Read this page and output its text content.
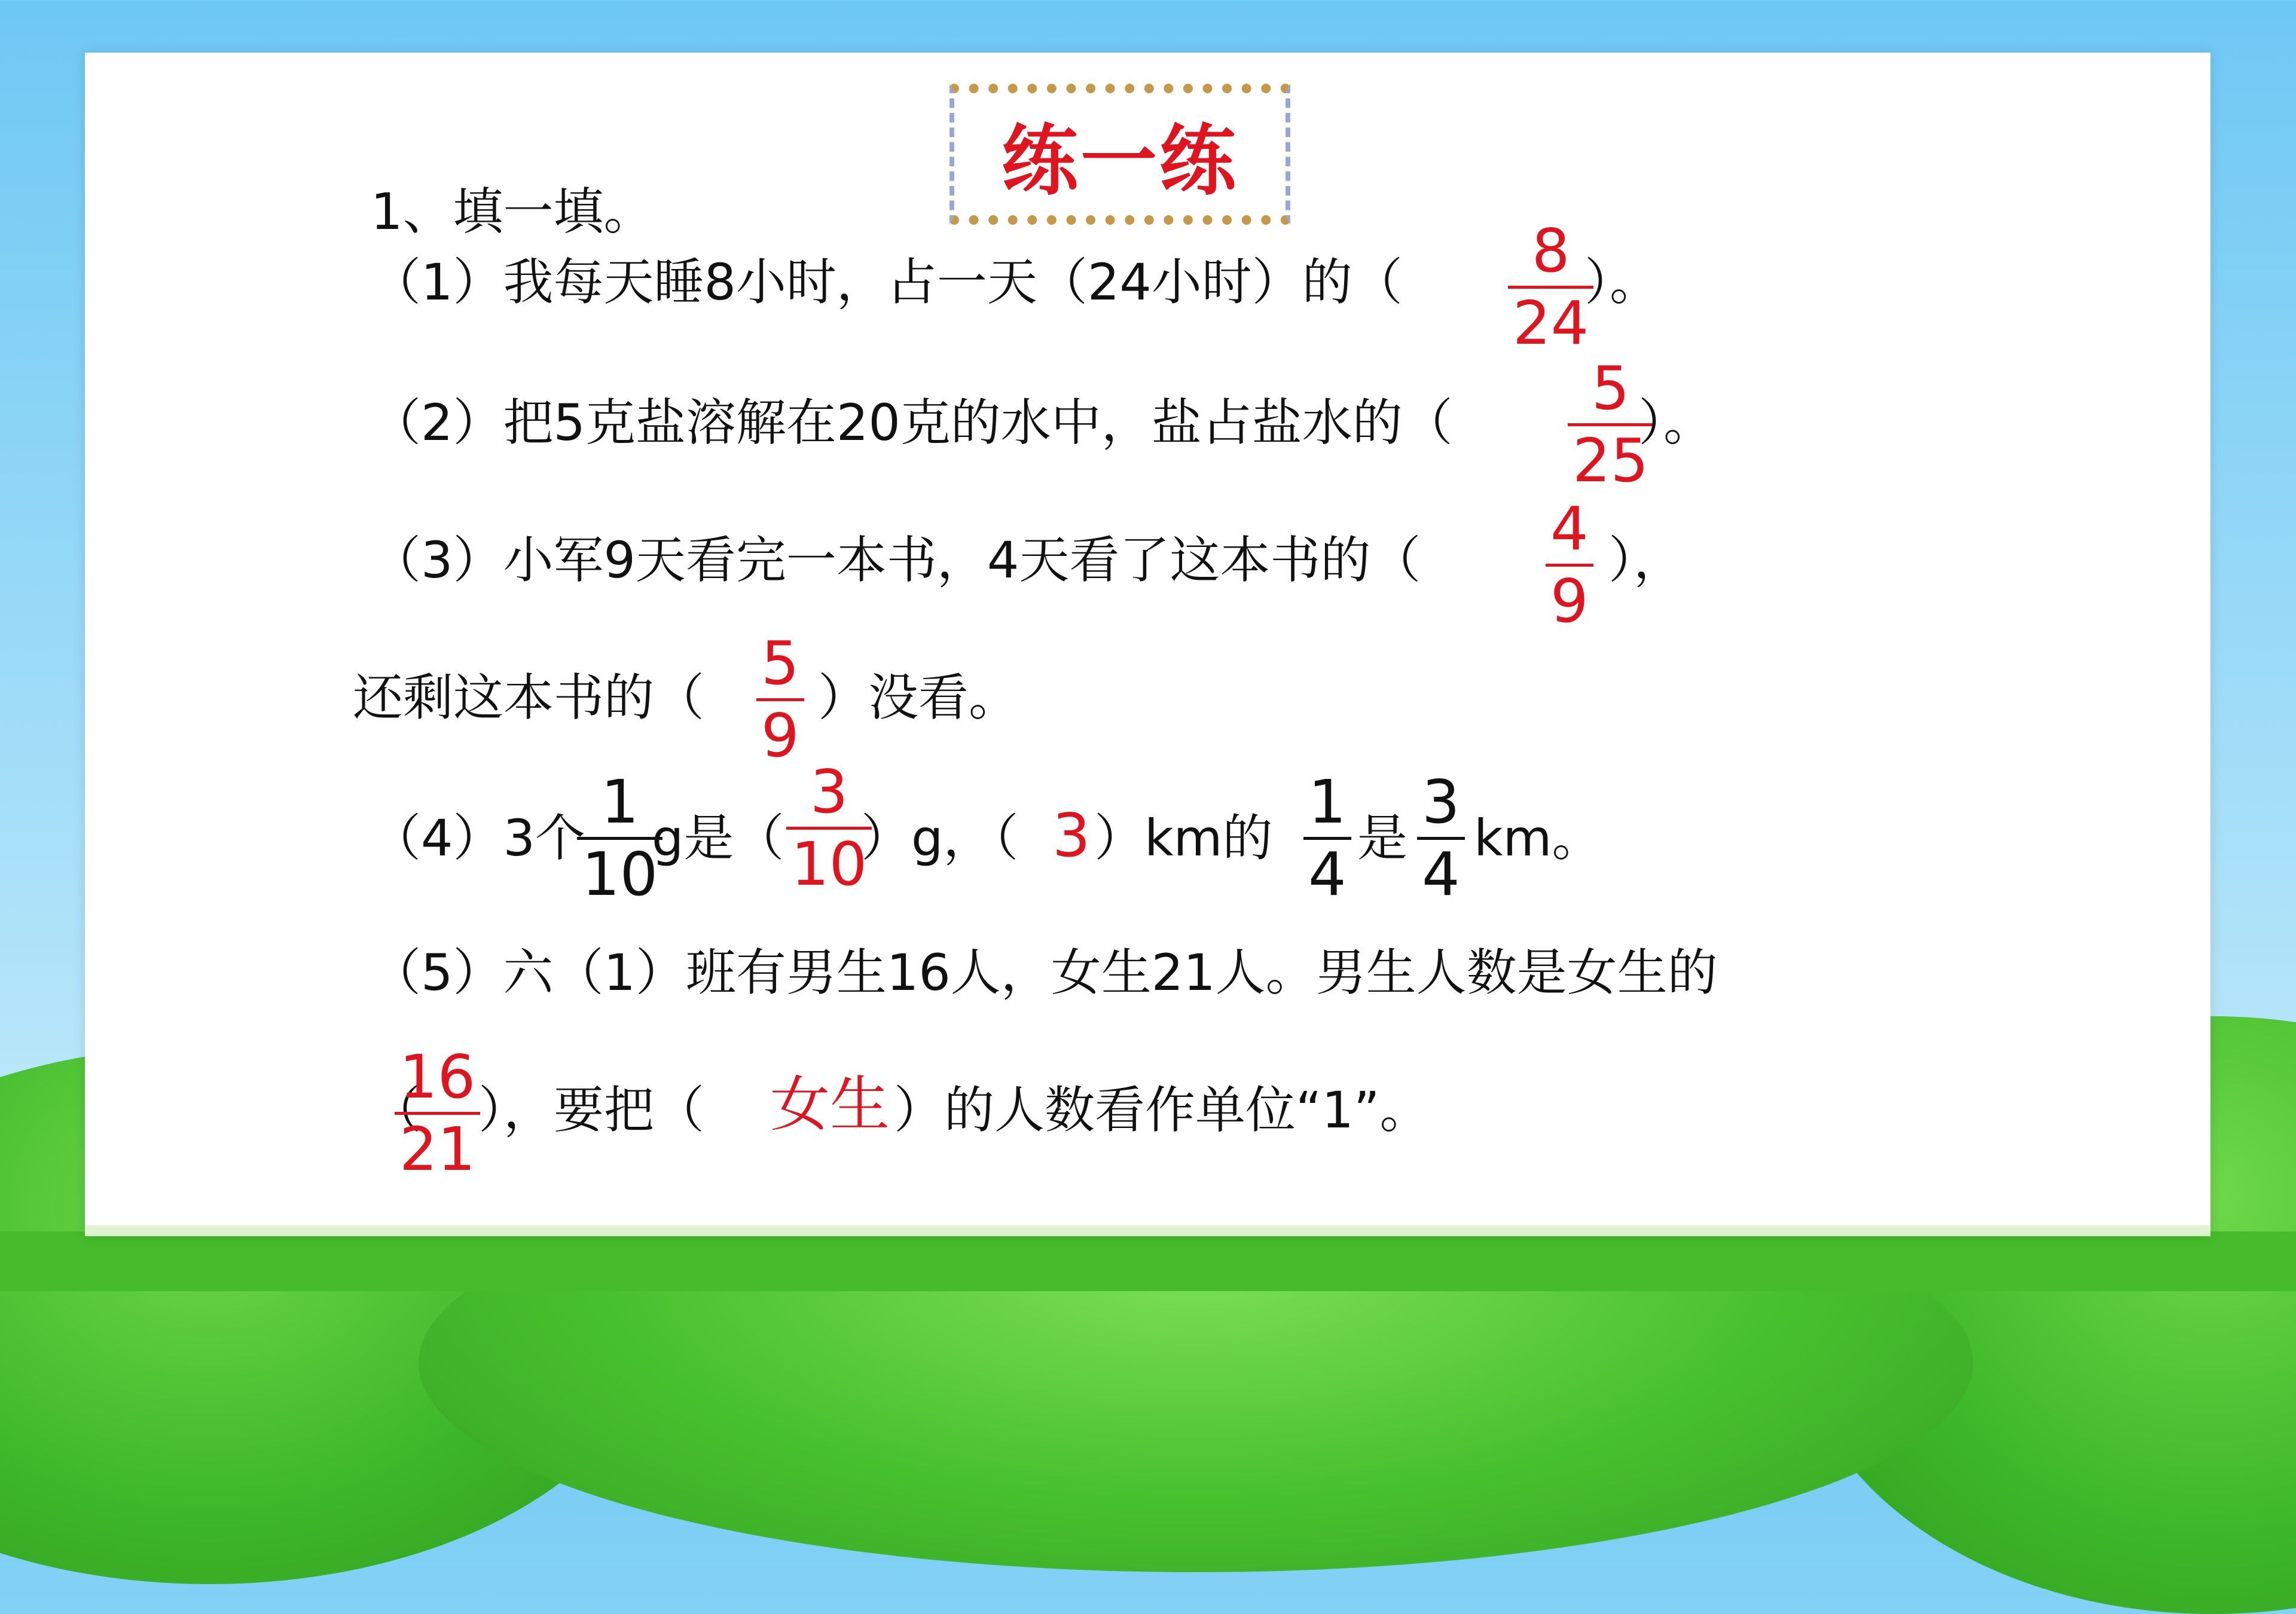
练一练
1、填一填。
（1）我每天睡8小时，占一天（24小时）的（ $\frac{8}{24}$
）。
（2）把5克盐溶解在20克的水中，盐占盐水的（ $\frac{5}{25}$
）。
（3）小军9天看完一本书，4天看了这本书的（ $\frac{4}{9}$ ），
还剩这本书的（ $\frac{5}{9}$ ）没看。
（4）3个
$\frac{1}{10}$
g是（ $\frac{3}{10}$
）g，（ 3 ）km的 $\frac{1}{4}$ 是 $\frac{3}{4}$ km。
（5）六（1）班有男生16人，女生21人。男生人数是女生的
（
$\frac{16}{21}$
），要把（ 女生 ）的人数看作单位“1”。
